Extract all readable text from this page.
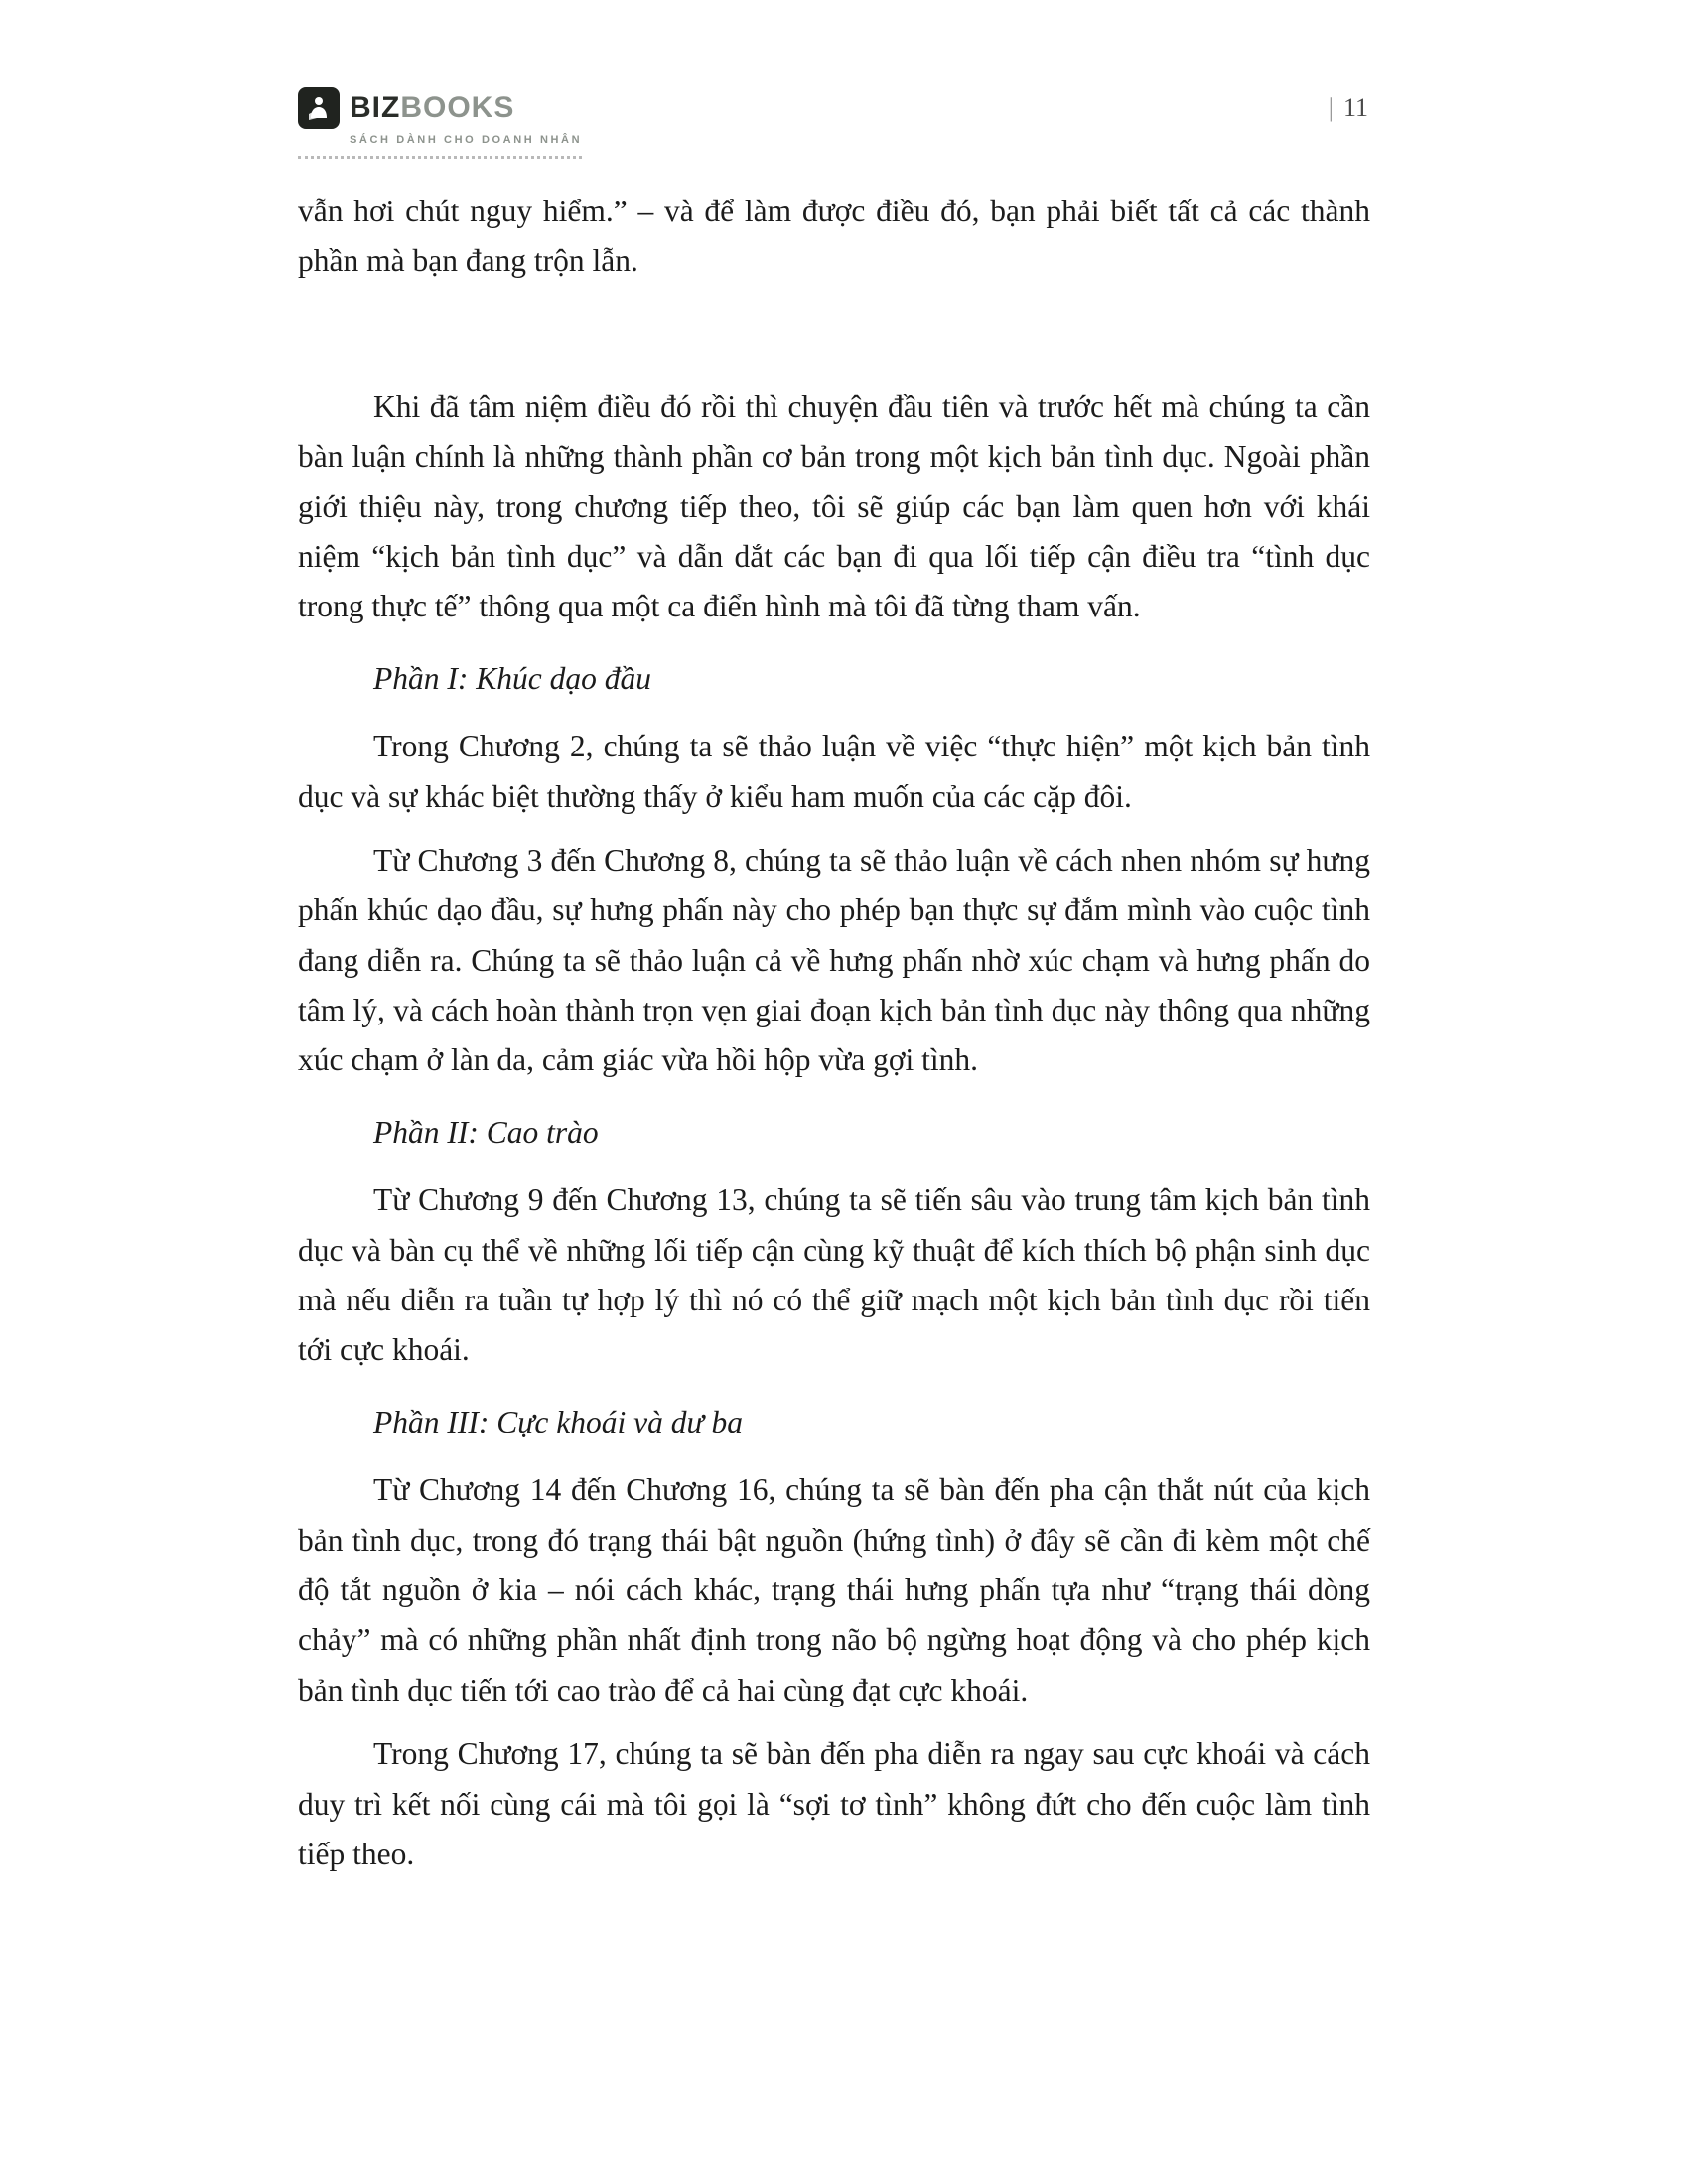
BIZBOOKS
SÁCH DÀNH CHO DOANH NHÂN
| 11

vẫn hơi chút nguy hiểm.” – và để làm được điều đó, bạn phải biết tất cả các thành phần mà bạn đang trộn lẫn.

Khi đã tâm niệm điều đó rồi thì chuyện đầu tiên và trước hết mà chúng ta cần bàn luận chính là những thành phần cơ bản trong một kịch bản tình dục. Ngoài phần giới thiệu này, trong chương tiếp theo, tôi sẽ giúp các bạn làm quen hơn với khái niệm “kịch bản tình dục” và dẫn dắt các bạn đi qua lối tiếp cận điều tra “tình dục trong thực tế” thông qua một ca điển hình mà tôi đã từng tham vấn.

Phần I: Khúc dạo đầu

Trong Chương 2, chúng ta sẽ thảo luận về việc “thực hiện” một kịch bản tình dục và sự khác biệt thường thấy ở kiểu ham muốn của các cặp đôi.

Từ Chương 3 đến Chương 8, chúng ta sẽ thảo luận về cách nhen nhóm sự hưng phấn khúc dạo đầu, sự hưng phấn này cho phép bạn thực sự đắm mình vào cuộc tình đang diễn ra. Chúng ta sẽ thảo luận cả về hưng phấn nhờ xúc chạm và hưng phấn do tâm lý, và cách hoàn thành trọn vẹn giai đoạn kịch bản tình dục này thông qua những xúc chạm ở làn da, cảm giác vừa hồi hộp vừa gợi tình.

Phần II: Cao trào

Từ Chương 9 đến Chương 13, chúng ta sẽ tiến sâu vào trung tâm kịch bản tình dục và bàn cụ thể về những lối tiếp cận cùng kỹ thuật để kích thích bộ phận sinh dục mà nếu diễn ra tuần tự hợp lý thì nó có thể giữ mạch một kịch bản tình dục rồi tiến tới cực khoái.

Phần III: Cực khoái và dư ba

Từ Chương 14 đến Chương 16, chúng ta sẽ bàn đến pha cận thắt nút của kịch bản tình dục, trong đó trạng thái bật nguồn (hứng tình) ở đây sẽ cần đi kèm một chế độ tắt nguồn ở kia – nói cách khác, trạng thái hưng phấn tựa như “trạng thái dòng chảy” mà có những phần nhất định trong não bộ ngừng hoạt động và cho phép kịch bản tình dục tiến tới cao trào để cả hai cùng đạt cực khoái.

Trong Chương 17, chúng ta sẽ bàn đến pha diễn ra ngay sau cực khoái và cách duy trì kết nối cùng cái mà tôi gọi là “sợi tơ tình” không đứt cho đến cuộc làm tình tiếp theo.
